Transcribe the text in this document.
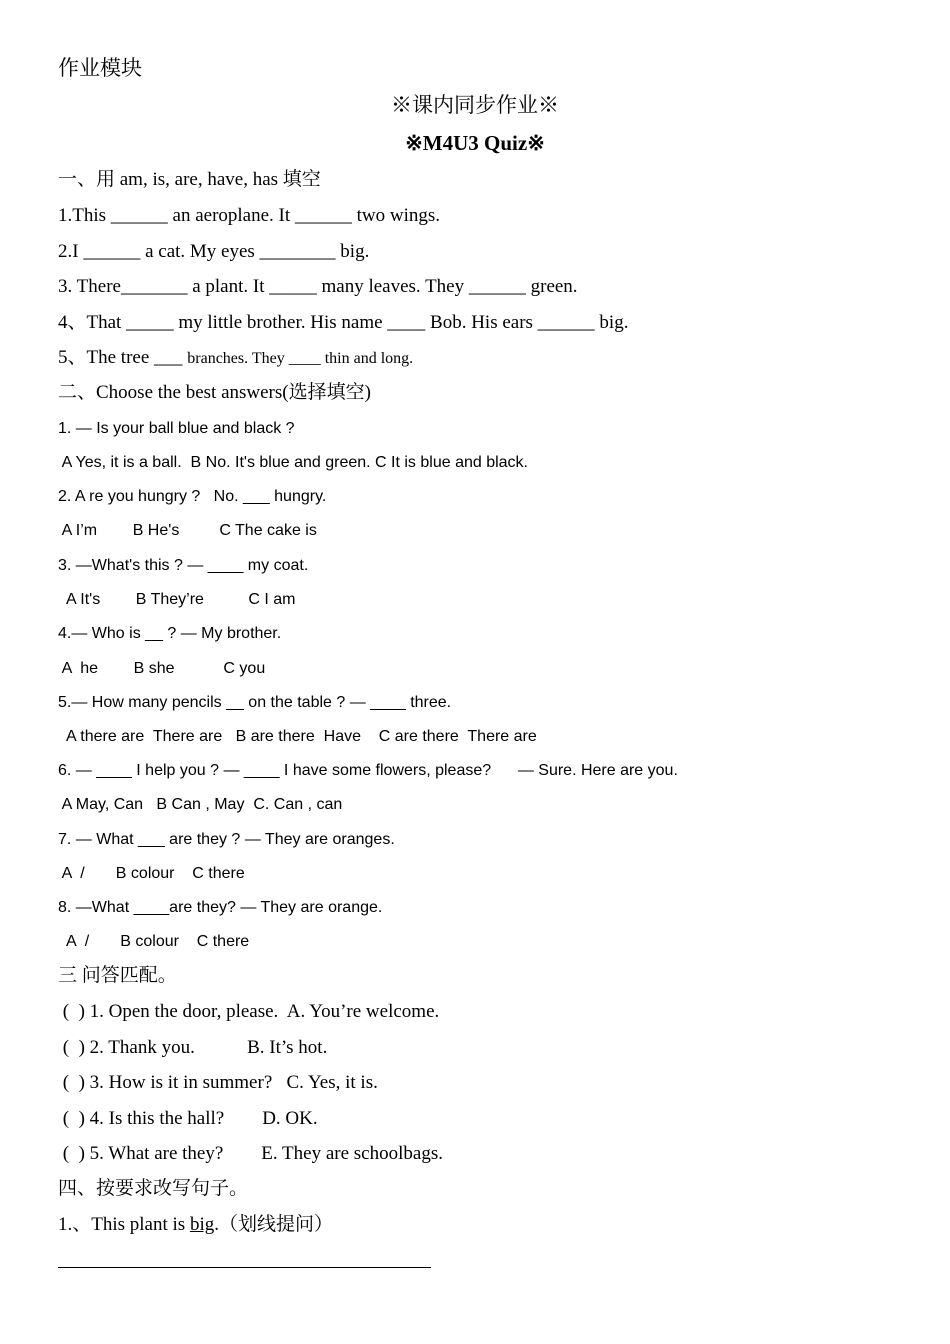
作业模块
※课内同步作业※
※M4U3 Quiz※
一、用 am, is, are, have, has 填空
1.This ______ an aeroplane. It ______ two wings.
2.I ______ a cat. My eyes ________ big.
3. There_______ a plant. It _____ many leaves. They ______ green.
4、That _____ my little brother. His name ____ Bob. His ears ______ big.
5、The tree ___ branches. They ____ thin and long.
二、Choose the best answers(选择填空)
1. — Is your ball blue and black ?
A Yes, it is a ball.  B No. It's blue and green. C It is blue and black.
2. A re you hungry ?   No. ___ hungry.
A I’m        B He's         C The cake is
3. —What's this ? — ____ my coat.
A It's        B They’re          C I am
4.— Who is __ ? — My brother.
A  he        B she           C you
5.— How many pencils __ on the table ? — ____ three.
A there are  There are   B are there  Have    C are there  There are
6. — ____ I help you ? — ____ I have some flowers, please?      — Sure. Here are you.
A May, Can   B Can , May  C. Can , can
7. — What ___ are they ? — They are oranges.
A  /       B colour    C there
8. —What ____are they? — They are orange.
A  /       B colour    C there
三 问答匹配。
(  ) 1. Open the door, please.  A. You’re welcome.
(  ) 2. Thank you.           B. It’s hot.
(  ) 3. How is it in summer?   C. Yes, it is.
(  ) 4. Is this the hall?        D. OK.
(  ) 5. What are they?        E. They are schoolbags.
四、按要求改写句子。
1.、This plant is big.（划线提问）
